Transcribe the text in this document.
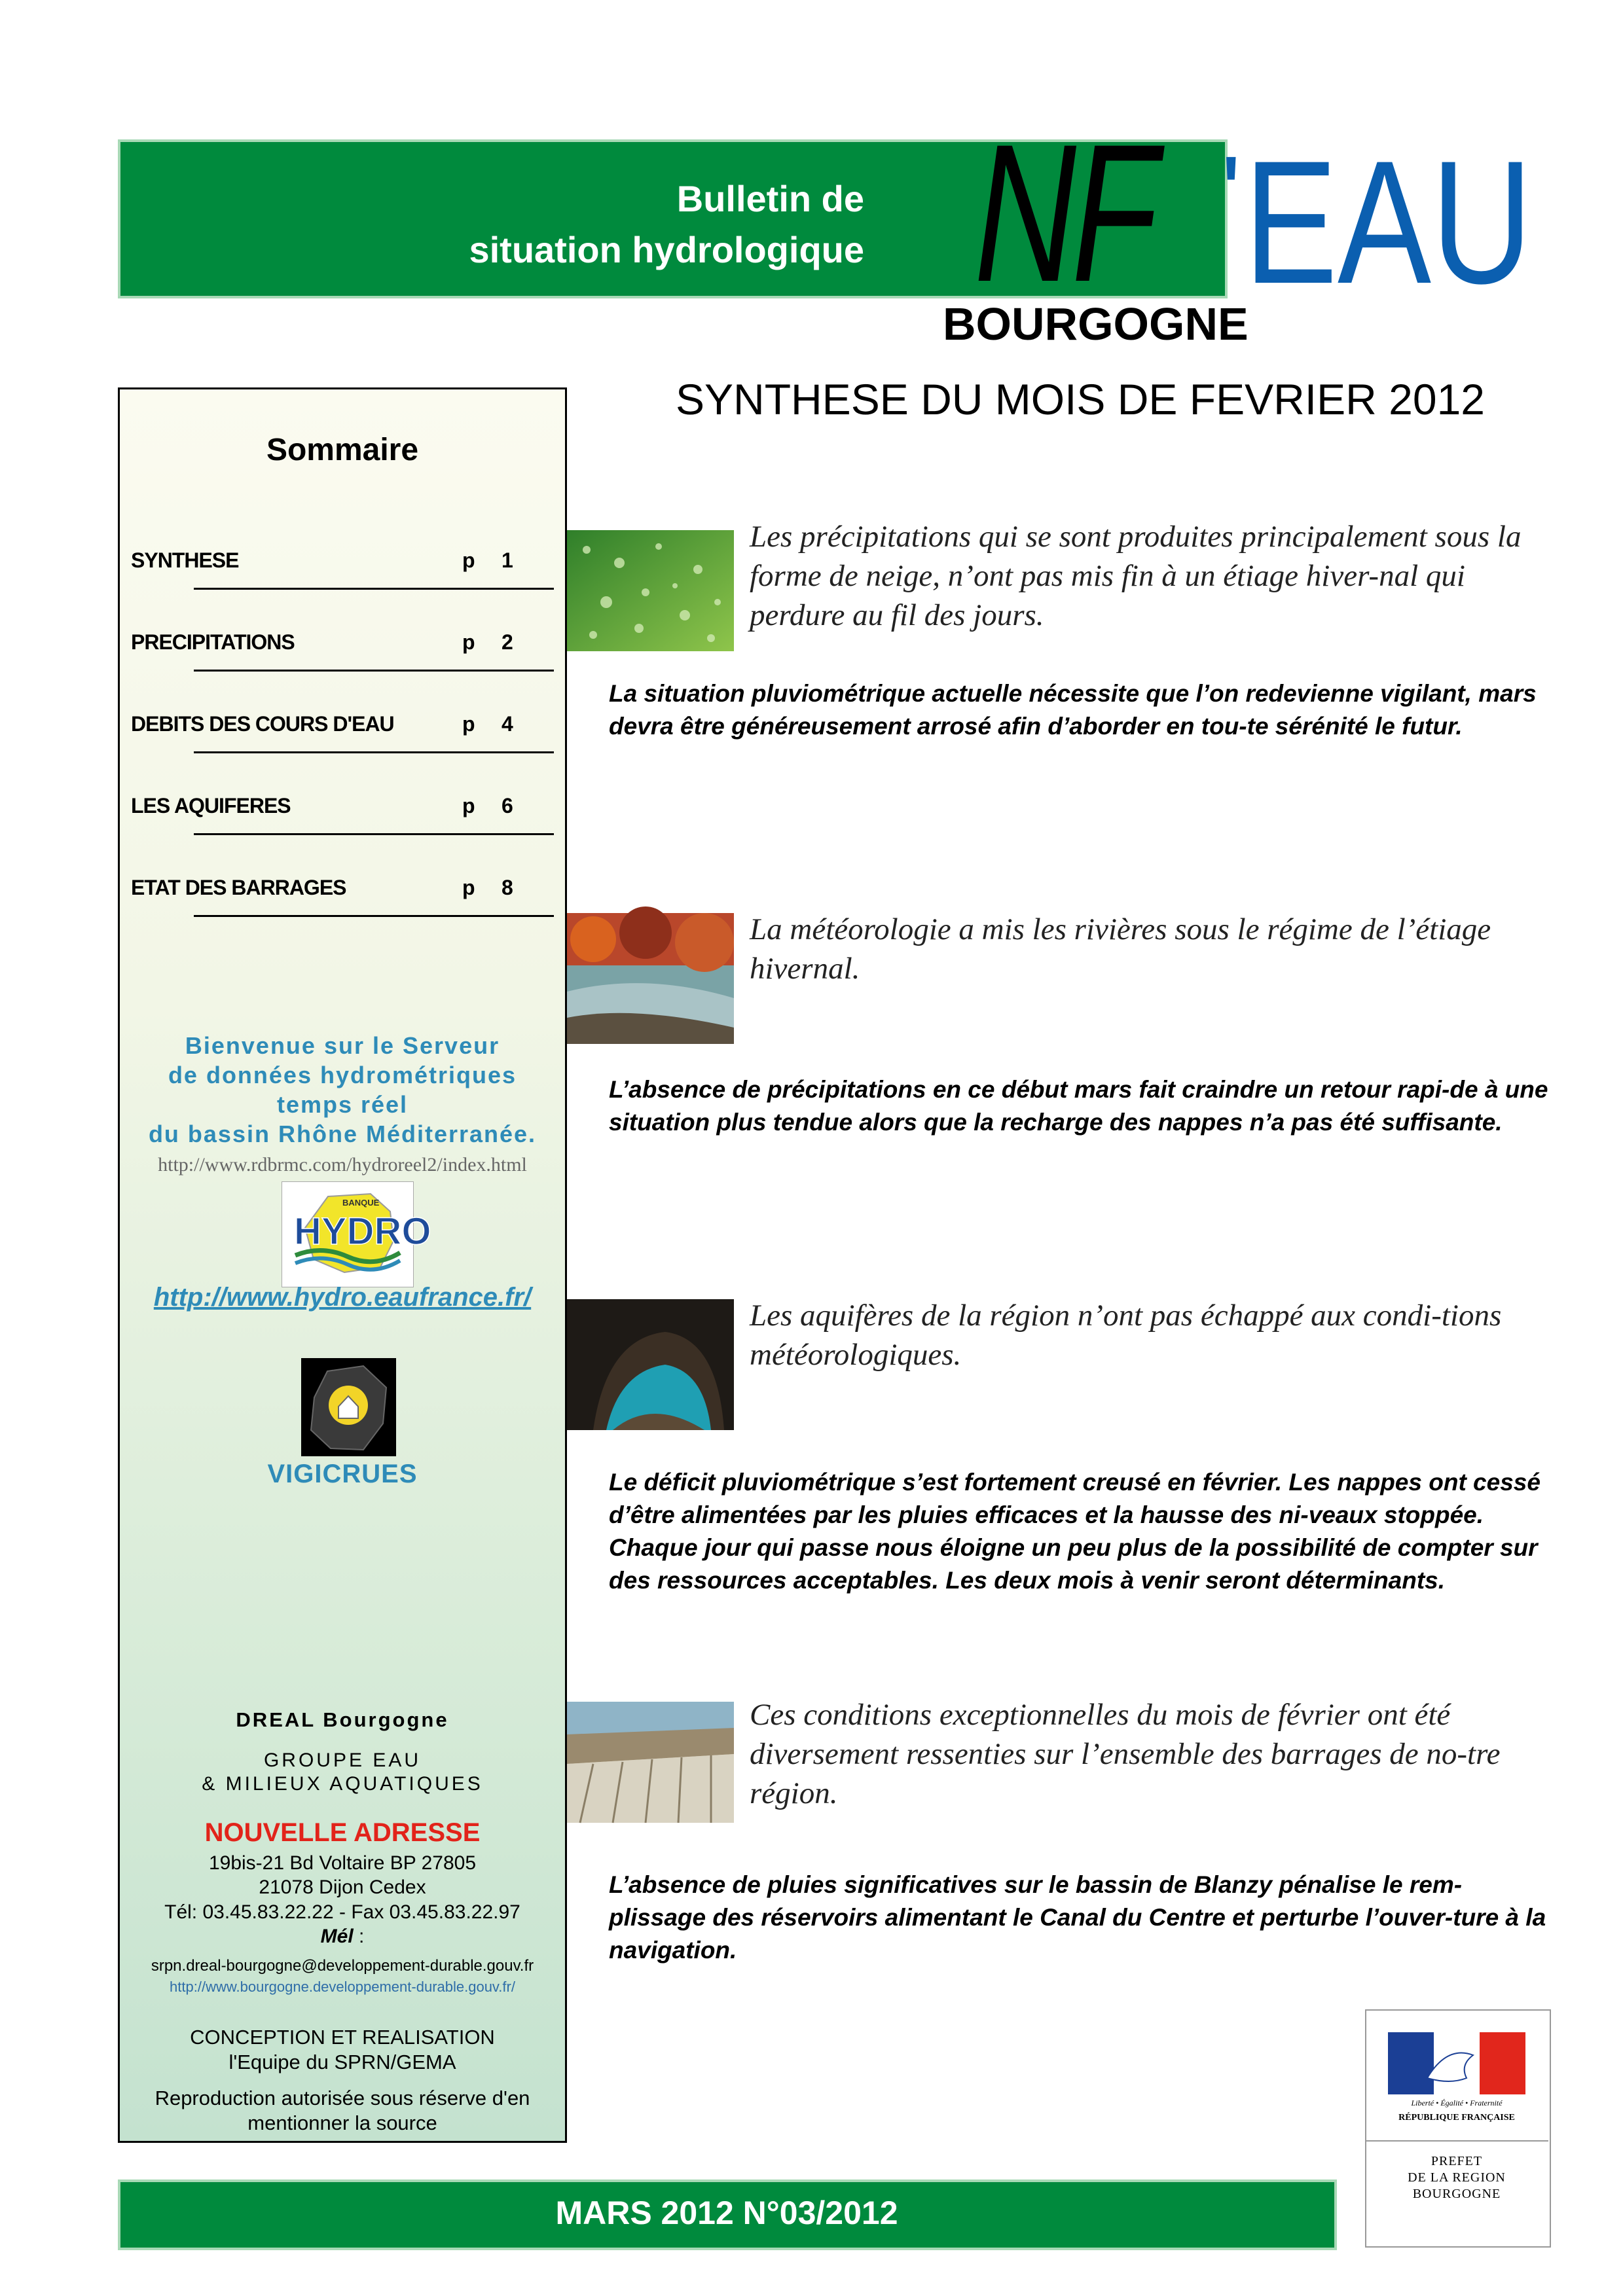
Bulletin de
situation hydrologique NF ' EAU
BOURGOGNE
SYNTHESE DU MOIS DE FEVRIER 2012
Sommaire
SYNTHESE	p 1
PRECIPITATIONS	p 2
DEBITS DES COURS D'EAU	p 4
LES AQUIFERES	p 6
ETAT DES BARRAGES	p 8
Bienvenue sur le Serveur
de données hydrométriques
temps réel
du bassin Rhône Méditerranée.
http://www.rdbrmc.com/hydroreel2/index.html
BANQUE
HYDRO
http://www.hydro.eaufrance.fr/
VIGICRUES
DREAL Bourgogne
GROUPE EAU
& MILIEUX AQUATIQUES
NOUVELLE ADRESSE
19bis-21 Bd Voltaire BP 27805
21078 Dijon Cedex
Tél: 03.45.83.22.22 - Fax 03.45.83.22.97
Mél :
srpn.dreal-bourgogne@developpement-durable.gouv.fr
http://www.bourgogne.developpement-durable.gouv.fr/
CONCEPTION ET REALISATION
l'Equipe du SPRN/GEMA
Reproduction autorisée sous réserve d'en mentionner la source
Les précipitations qui se sont produites principalement sous la forme de neige, n’ont pas mis fin à un étiage hiver-nal qui perdure au fil des jours.
La situation pluviométrique actuelle nécessite que l’on redevienne vigilant, mars devra être généreusement arrosé afin d’aborder en tou-te sérénité le futur.
La météorologie a mis les rivières sous le régime de l’étiage hivernal.
L’absence de précipitations en ce début mars fait craindre un retour rapi-de à une situation plus tendue alors que la recharge des nappes n’a pas été suffisante.
Les aquifères de la région n’ont pas échappé aux condi-tions météorologiques.
Le déficit pluviométrique s’est fortement creusé en février. Les nappes ont cessé d’être alimentées par les pluies efficaces et la hausse des ni-veaux stoppée. Chaque jour qui passe nous éloigne un peu plus de la possibilité de compter sur des ressources acceptables. Les deux mois à venir seront déterminants.
Ces conditions exceptionnelles du mois de février ont été diversement ressenties sur l’ensemble des barrages de no-tre région.
L’absence de pluies significatives sur le bassin de Blanzy pénalise le rem-plissage des réservoirs alimentant le Canal du Centre et perturbe l’ouver-ture à la navigation.
Liberté • Égalité • Fraternité
RÉPUBLIQUE FRANÇAISE
PREFET
DE LA REGION
BOURGOGNE
MARS 2012 N°03/2012
